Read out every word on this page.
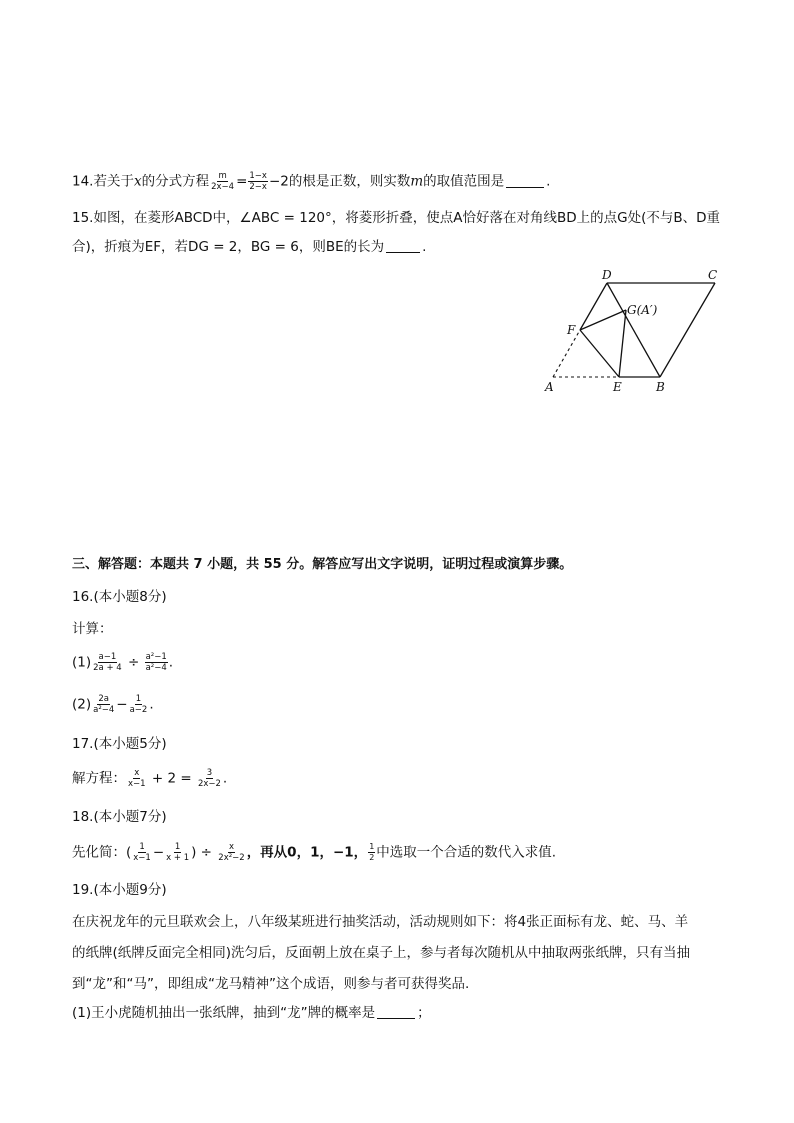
14.若关于x的分式方程 $\frac{m}{2x-4} = \frac{1-x}{2-x} -2$的根是正数，则实数m的取值范围是	.
15.如图，在菱形ABCD中，∠ABC = 120°，将菱形折叠，使点A恰好落在对角线BD上的点G处(不与B、D重
合)，折痕为EF，若DG = 2，BG = 6，则BE的长为	.
D	C
G(A′)
F
A	E	B
三、解答题：本题共 7 小题，共 55 分。解答应写出文字说明，证明过程或演算步骤。
16.(本小题8分)
计算：
$(1) \frac{a-1}{2a + 4} \div \frac{\text{a²−1}}{\text{a²−4}}$ .
$(2) \frac{2a}{\text{a²−4}} - \frac{1}{a-2}$ .
17.(本小题5分)
解方程： $\frac{x}{x-1} + 2 = \frac{3}{2x-2}$ .
18.(本小题7分)
先化简：( $\frac{1}{x-1} - \frac{1}{x + 1}$ ) ÷ $\frac{x}{\text{2x²−2}}$ ，再从0，1，−1， $\frac{1}{2}$ 中选取一个合适的数代入求值.
19.(本小题9分)
在庆祝龙年的元旦联欢会上，八年级某班进行抽奖活动，活动规则如下：将4张正面标有龙、蛇、马、羊
的纸牌(纸牌反面完全相同)洗匀后，反面朝上放在桌子上，参与者每次随机从中抽取两张纸牌，只有当抽
到“龙”和“马”，即组成“龙马精神”这个成语，则参与者可获得奖品.
(1)王小虎随机抽出一张纸牌，抽到“龙”牌的概率是	；
